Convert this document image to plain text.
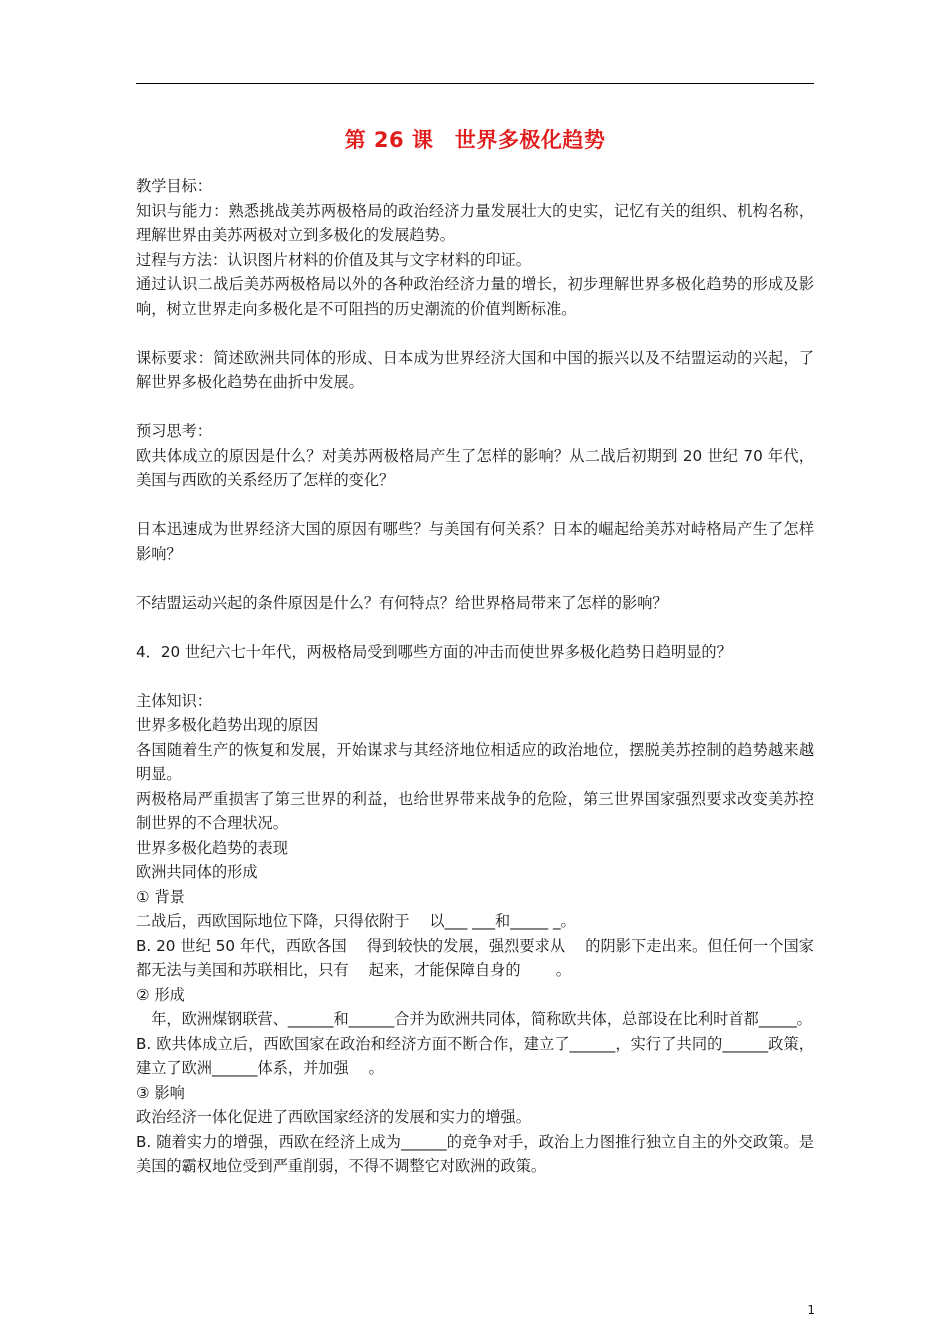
第 26 课　世界多极化趋势

教学目标：

知识与能力：熟悉挑战美苏两极格局的政治经济力量发展壮大的史实，记忆有关的组织、机构名称，理解世界由美苏两极对立到多极化的发展趋势。

过程与方法：认识图片材料的价值及其与文字材料的印证。

通过认识二战后美苏两极格局以外的各种政治经济力量的增长，初步理解世界多极化趋势的形成及影响，树立世界走向多极化是不可阻挡的历史潮流的价值判断标准。

课标要求：简述欧洲共同体的形成、日本成为世界经济大国和中国的振兴以及不结盟运动的兴起，了解世界多极化趋势在曲折中发展。

预习思考：

欧共体成立的原因是什么？对美苏两极格局产生了怎样的影响？从二战后初期到 20 世纪 70 年代，美国与西欧的关系经历了怎样的变化？

日本迅速成为世界经济大国的原因有哪些？与美国有何关系？日本的崛起给美苏对峙格局产生了怎样影响？

不结盟运动兴起的条件原因是什么？有何特点？给世界格局带来了怎样的影响？

4．20 世纪六七十年代，两极格局受到哪些方面的冲击而使世界多极化趋势日趋明显的？

主体知识：

世界多极化趋势出现的原因

各国随着生产的恢复和发展，开始谋求与其经济地位相适应的政治地位，摆脱美苏控制的趋势越来越明显。

两极格局严重损害了第三世界的利益，也给世界带来战争的危险，第三世界国家强烈要求改变美苏控制世界的不合理状况。

世界多极化趋势的表现

欧洲共同体的形成

① 背景

二战后，西欧国际地位下降，只得依附于　 以___ ___和_____ _。

B. 20 世纪 50 年代，西欧各国　 得到较快的发展，强烈要求从　 的阴影下走出来。但任何一个国家都无法与美国和苏联相比，只有　 起来，才能保障自身的　　 。

② 形成

　年，欧洲煤钢联营、______和______合并为欧洲共同体，简称欧共体，总部设在比利时首都_____。

B. 欧共体成立后，西欧国家在政治和经济方面不断合作，建立了______，实行了共同的______政策，建立了欧洲______体系，并加强　 。

③ 影响

政治经济一体化促进了西欧国家经济的发展和实力的增强。

B. 随着实力的增强，西欧在经济上成为______的竞争对手，政治上力图推行独立自主的外交政策。是美国的霸权地位受到严重削弱，不得不调整它对欧洲的政策。

1
